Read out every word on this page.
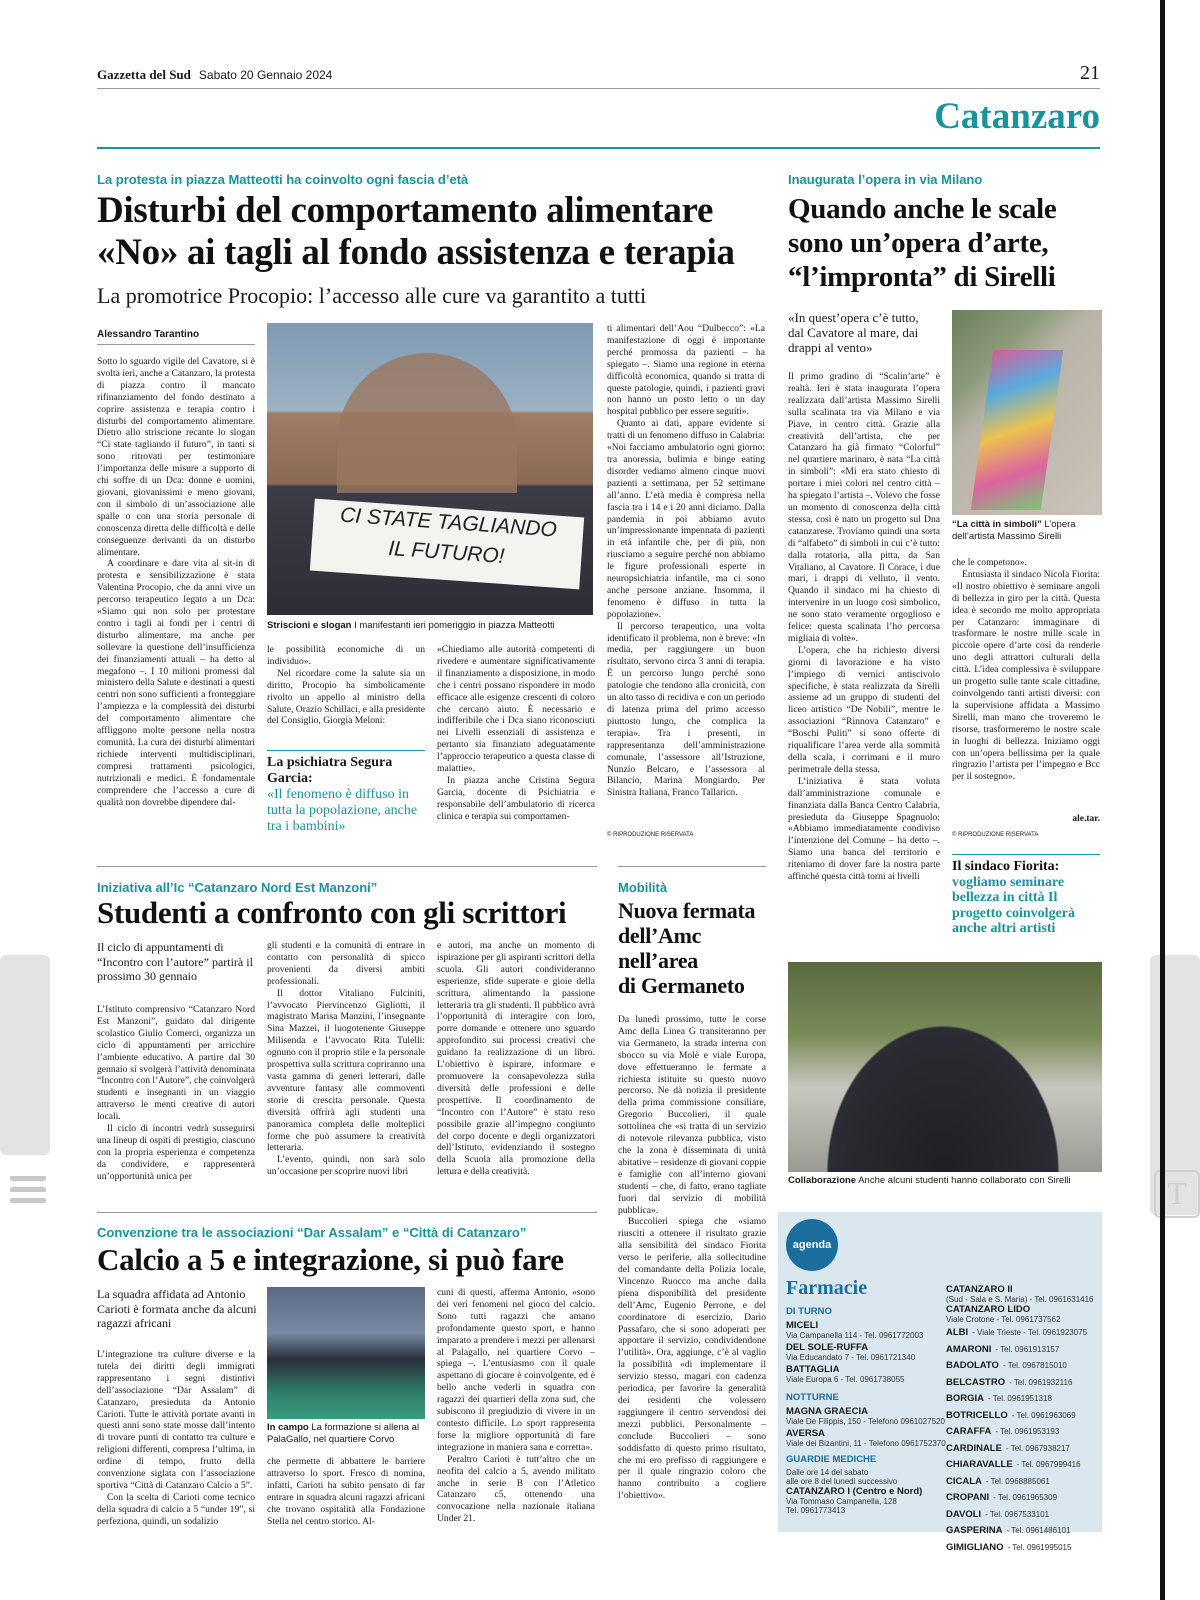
T
Gazzetta del Sud Sabato 20 Gennaio 2024	21
Catanzaro
La protesta in piazza Matteotti ha coinvolto ogni fascia d’età
Disturbi del comportamento alimentare
«No» ai tagli al fondo assistenza e terapia
La promotrice Procopio: l’accesso alle cure va garantito a tutti
Alessandro Tarantino

Sotto lo sguardo vigile del Cavatore, si è svolta ieri, anche a Catanzaro, la protesta di piazza contro il mancato rifinanziamento del fondo destinato a coprire assistenza e terapia contro i disturbi del comportamento alimentare. Dietro allo striscione recante lo slogan “Ci state tagliando il futuro”, in tanti si sono ritrovati per testimoniare l’importanza delle misure a supporto di chi soffre di un Dca: donne e uomini, giovani, giovanissimi e meno giovani, con il simbolo di un’associazione alle spalle o con una storia personale di conoscenza diretta delle difficoltà e delle conseguenze derivanti da un disturbo alimentare.

A coordinare e dare vita al sit-in di protesta e sensibilizzazione è stata Valentina Procopio, che da anni vive un percorso terapeutico legato a un Dca: «Siamo qui non solo per protestare contro i tagli ai fondi per i centri di disturbo alimentare, ma anche per sollevare la questione dell’insufficienza dei finanziamenti attuali – ha detto al megafono –. I 10 milioni promessi dal ministero della Salute e destinati a questi centri non sono sufficienti a fronteggiare l’ampiezza e la complessità dei disturbi del comportamento alimentare che affliggono molte persone nella nostra comunità. La cura dei disturbi alimentari richiede interventi multidisciplinari, compresi trattamenti psicologici, nutrizionali e medici. È fondamentale comprendere che l’accesso a cure di qualità non dovrebbe dipendere dal-

CI STATE TAGLIANDO
IL FUTURO!
Striscioni e slogan I manifestanti ieri pomeriggio in piazza Matteotti

le possibilità economiche di un individuo».

Nel ricordare come la salute sia un diritto, Procopio ha simbolicamente rivolto un appello al ministro della Salute, Orazio Schillaci, e alla presidente del Consiglio, Giorgia Meloni:

La psichiatra Segura Garcia:
«Il fenomeno è diffuso in tutta la popolazione, anche tra i bambini»

«Chiediamo alle autorità competenti di rivedere e aumentare significativamente il finanziamento a disposizione, in modo che i centri possano rispondere in modo efficace alle esigenze crescenti di coloro che cercano aiuto. È necessario e indifferibile che i Dca siano riconosciuti nei Livelli essenziali di assistenza e pertanto sia finanziato adeguatamente l’approccio terapeutico a questa classe di malattie».

In piazza anche Cristina Segura Garcia, docente di Psichiatria e responsabile dell’ambulatorio di ricerca clinica e terapia sui comportamen-

ti alimentari dell’Aou “Dulbecco”: «La manifestazione di oggi è importante perché promossa da pazienti – ha spiegato –. Siamo una regione in eterna difficoltà economica, quando si tratta di queste patologie, quindi, i pazienti gravi non hanno un posto letto o un day hospital pubblico per essere seguiti».

Quanto ai dati, appare evidente si tratti di un fenomeno diffuso in Calabria: «Noi facciamo ambulatorio ogni giorno: tra anoressia, bulimia e binge eating disorder vediamo almeno cinque nuovi pazienti a settimana, per 52 settimane all’anno. L’età media è compresa nella fascia tra i 14 e i 20 anni diciamo. Dalla pandemia in poi abbiamo avuto un’impressionante impennata di pazienti in età infantile che, per di più, non riusciamo a seguire perché non abbiamo le figure professionali esperte in neuropsichiatria infantile, ma ci sono anche persone anziane. Insomma, il fenomeno è diffuso in tutta la popolazione».

Il percorso terapeutico, una volta identificato il problema, non è breve: «In media, per raggiungere un buon risultato, servono circa 3 anni di terapia. È un percorso lungo perché sono patologie che tendono alla cronicità, con un alto tasso di recidiva e con un periodo di latenza prima del primo accesso piuttosto lungo, che complica la terapia». Tra i presenti, in rappresentanza dell’amministrazione comunale, l’assessore all’Istruzione, Nunzio Belcaro, e l’assessora al Bilancio, Marina Mongiardo. Per Sinistra Italiana, Franco Tallarico.

© RIPRODUZIONE RISERVATA
Inaugurata l’opera in via Milano
Quando anche le scale
sono un’opera d’arte,
“l’impronta” di Sirelli
«In quest’opera c’è tutto, dal Cavatore al mare, dai drappi al vento»
“La città in simboli” L’opera dell’artista Massimo Sirelli

Il primo gradino di “Scalin’arte” è realtà. Ieri è stata inaugurata l’opera realizzata dall’artista Massimo Sirelli sulla scalinata tra via Milano e via Piave, in centro città. Grazie alla creatività dell’artista, che per Catanzaro ha già firmato “Colorful” nel quartiere marinaro, è nata “La città in simboli”: «Mi era stato chiesto di portare i miei colori nel centro città – ha spiegato l’artista –. Volevo che fosse un momento di conoscenza della città stessa, così è nato un progetto sul Dna catanzarese. Troviamo quindi una sorta di “alfabeto” di simboli in cui c’è tutto: dalla rotatoria, alla pitta, da San Vitaliano, al Cavatore. Il Corace, i due mari, i drappi di velluto, il vento. Quando il sindaco mi ha chiesto di intervenire in un luogo così simbolico, ne sono stato veramente orgoglioso e felice: questa scalinata l’ho percorsa migliaia di volte».

L’opera, che ha richiesto diversi giorni di lavorazione e ha visto l’impiego di vernici antiscivolo specifiche, è stata realizzata da Sirelli assieme ad un gruppo di studenti del liceo artistico “De Nobili”, mentre le associazioni “Rinnova Catanzaro” e “Boschi Puliti” si sono offerte di riqualificare l’area verde alla sommità della scala, i corrimani e il muro perimetrale della stessa.

L’iniziativa è stata voluta dall’amministrazione comunale e finanziata dalla Banca Centro Calabria, presieduta da Giuseppe Spagnuolo: «Abbiamo immediatamente condiviso l’intenzione del Comune – ha detto –. Siamo una banca del territorio e riteniamo di dover fare la nostra parte affinché questa città torni ai livelli

che le competono».

Entusiasta il sindaco Nicola Fiorita: «Il nostro obiettivo è seminare angoli di bellezza in giro per la città. Questa idea è secondo me molto appropriata per Catanzaro: immaginare di trasformare le nostre mille scale in piccole opere d’arte così da renderle uno degli attrattori culturali della città. L’idea complessiva è sviluppare un progetto sulle tante scale cittadine, coinvolgendo tanti artisti diversi: con la supervisione affidata a Massimo Sirelli, man mano che troveremo le risorse, trasformeremo le nostre scale in luoghi di bellezza. Iniziamo oggi con un’opera bellissima per la quale ringrazio l’artista per l’impegno e Bcc per il sostegno».

ale.tar.
© RIPRODUZIONE RISERVATA
Il sindaco Fiorita: vogliamo seminare bellezza in città Il progetto coinvolgerà anche altri artisti
Collaborazione Anche alcuni studenti hanno collaborato con Sirelli
Iniziativa all’Ic “Catanzaro Nord Est Manzoni”
Studenti a confronto con gli scrittori
Il ciclo di appuntamenti di “Incontro con l’autore” partirà il prossimo 30 gennaio

L’Istituto comprensivo “Catanzaro Nord Est Manzoni”, guidato dal dirigente scolastico Giulio Comerci, organizza un ciclo di appuntamenti per arricchire l’ambiente educativo. A partire dal 30 gennaio si svolgerà l’attività denominata “Incontro con l’Autore”, che coinvolgerà studenti e insegnanti in un viaggio attraverso le menti creative di autori locali.

Il ciclo di incontri vedrà susseguirsi una lineup di ospiti di prestigio, ciascuno con la propria esperienza e competenza da condividere, e rappresenterà un’opportunità unica per

gli studenti e la comunità di entrare in contatto con personalità di spicco provenienti da diversi ambiti professionali.

Il dottor Vitaliano Fulciniti, l’avvocato Piervincenzo Gigliotti, il magistrato Marisa Manzini, l’insegnante Sina Mazzei, il luogotenente Giuseppe Milisenda e l’avvocato Rita Tulelli: ognuno con il proprio stile e la personale prospettiva sulla scrittura copriranno una vasta gamma di generi letterari, dalle avventure fantasy alle commoventi storie di crescita personale. Questa diversità offrirà agli studenti una panoramica completa delle molteplici forme che può assumere la creatività letteraria.

L’evento, quindi, non sarà solo un’occasione per scoprire nuovi libri

e autori, ma anche un momento di ispirazione per gli aspiranti scrittori della scuola. Gli autori condivideranno esperienze, sfide superate e gioie della scrittura, alimentando la passione letteraria tra gli studenti. Il pubblico avrà l’opportunità di interagire con loro, porre domande e ottenere uno sguardo approfondito sui processi creativi che guidano la realizzazione di un libro. L’obiettivo è ispirare, informare e promuovere la consapevolezza sulla diversità delle professioni e delle prospettive. Il coordinamento de “Incontro con l’Autore” è stato reso possibile grazie all’impegno congiunto del corpo docente e degli organizzatori dell’Istituto, evidenziando il sostegno della Scuola alla promozione della lettura e della creatività.

Mobilità
Nuova fermata
dell’Amc
nell’area
di Germaneto

Da lunedì prossimo, tutte le corse Amc della Linea G transiteranno per via Germaneto, la strada interna con sbocco su via Molè e viale Europa, dove effettueranno le fermate a richiesta istituite su questo nuovo percorso. Ne dà notizia il presidente della prima commissione consiliare, Gregorio Buccolieri, il quale sottolinea che «si tratta di un servizio di notevole rilevanza pubblica, visto che la zona è disseminata di unità abitative – residenze di giovani coppie e famiglie con all’interno giovani studenti – che, di fatto, erano tagliate fuori dal servizio di mobilità pubblica».

Buccolieri spiega che «siamo riusciti a ottenere il risultato grazie alla sensibilità del sindaco Fiorita verso le periferie, alla sollecitudine del comandante della Polizia locale, Vincenzo Ruocco ma anche dalla piena disponibilità del presidente dell’Amc, Eugenio Perrone, e del coordinatore di esercizio, Dario Passafaro, che si sono adoperati per apportare il servizio, condividendone l’utilità». Ora, aggiunge, c’è al vaglio la possibilità «di implementare il servizio stesso, magari con cadenza periodica, per favorire la generalità dei residenti che volessero raggiungere il centro servendosi dei mezzi pubblici. Personalmente – conclude Buccolieri – sono soddisfatto di questo primo risultato, che mi ero prefisso di raggiungere e per il quale ringrazio coloro che hanno contribuito a cogliere l’obiettivo».

Convenzione tra le associazioni “Dar Assalam” e “Città di Catanzaro”
Calcio a 5 e integrazione, si può fare
La squadra affidata ad Antonio Carioti è formata anche da alcuni ragazzi africani

L’integrazione tra culture diverse e la tutela dei diritti degli immigrati rappresentano i segni distintivi dell’associazione “Dar Assalam” di Catanzaro, presieduta da Antonio Carioti. Tutte le attività portate avanti in questi anni sono state mosse dall’intento di trovare punti di contatto tra culture e religioni differenti, compresa l’ultima, in ordine di tempo, frutto della convenzione siglata con l’associazione sportiva “Città di Catanzaro Calcio a 5”.

Con la scelta di Carioti come tecnico della squadra di calcio a 5 “under 19”, si perfeziona, quindi, un sodalizio

In campo La formazione si allena al PalaGallo, nel quartiere Corvo

che permette di abbattere le barriere attraverso lo sport. Fresco di nomina, infatti, Carioti ha subito pensato di far entrare in squadra alcuni ragazzi africani che trovano ospitalità alla Fondazione Stella nel centro storico. Al-

cuni di questi, afferma Antonio, «sono dei veri fenomeni nel gioco del calcio. Sono tutti ragazzi che amano profondamente questo sport, e hanno imparato a prendere i mezzi per allenarsi al Palagallo, nel quartiere Corvo – spiega –. L’entusiasmo con il quale aspettano di giocare è coinvolgente, ed è bello anche vederli in squadra con ragazzi dei quartieri della zona sud, che subiscono il pregiudizio di vivere in un contesto difficile. Lo sport rappresenta forse la migliore opportunità di fare integrazione in maniera sana e corretta».

Peraltro Carioti è tutt’altro che un neofita del calcio a 5, avendo militato anche in serie B con l’Atletico Catanzaro c5, ottenendo una convocazione nella nazionale italiana Under 21.

agenda
Farmacie
DI TURNO
MICELI
Via Campanella 114 - Tel. 0961772003
DEL SOLE-RUFFA
Via Educandato 7 - Tel. 0961721340
BATTAGLIA
Viale Europa 6 - Tel. 0961738055
NOTTURNE
MAGNA GRAECIA
Viale De Filippis, 150 - Telefono 0961027520
AVERSA
Viale dei Bizantini, 11 - Telefono 0961752370
GUARDIE MEDICHE
Dalle ore 14 del sabato
alle ore 8 del lunedì successivo
CATANZARO I (Centro e Nord)
Via Tommaso Campanella, 128
Tel. 0961773413
CATANZARO II
(Sud - Sala e S. Maria) - Tel. 0961631416
CATANZARO LIDO
Viale Crotone - Tel. 0961737562
ALBI - Viale Trieste - Tel. 0961923075
AMARONI - Tel. 0961913157
BADOLATO - Tel. 0967815010
BELCASTRO - Tel. 0961932116
BORGIA - Tel. 0961951318
BOTRICELLO - Tel. 0961963069
CARAFFA - Tel. 0961953193
CARDINALE - Tel. 0967938217
CHIARAVALLE - Tel. 0967999416
CICALA - Tel. 0968885061
CROPANI - Tel. 0961965309
DAVOLI - Tel. 0967533101
GASPERINA - Tel. 0961486101
GIMIGLIANO - Tel. 0961995015
